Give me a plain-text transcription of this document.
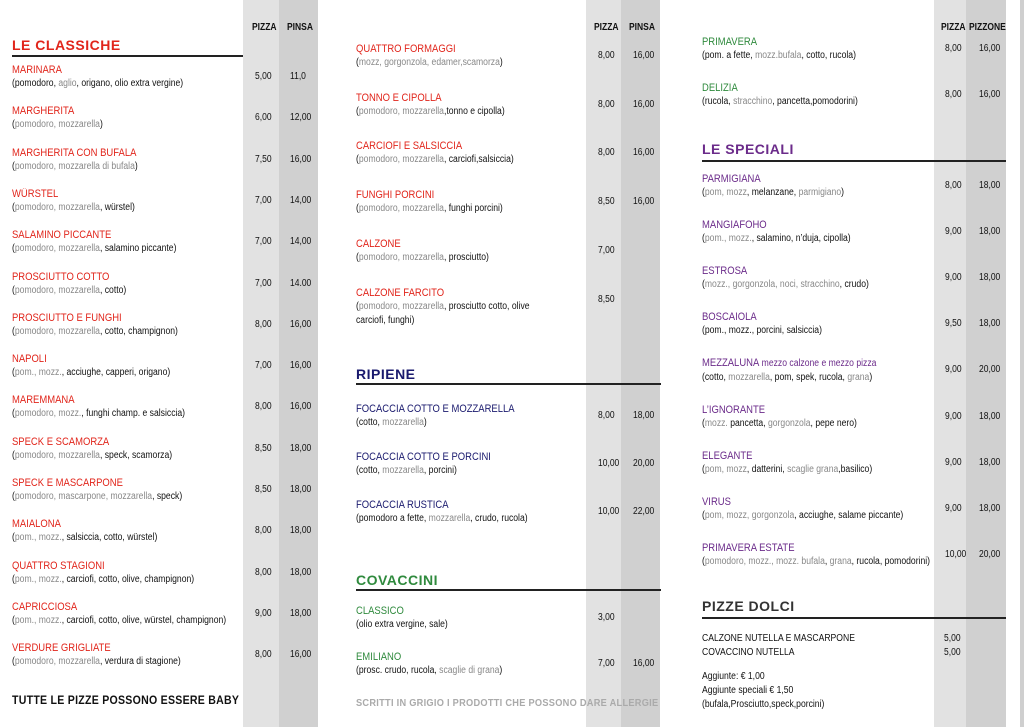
PIZZA PINSA	PIZZA PINSA	PIZZA PIZZONE
LE CLASSICHE
RIPIENE
COVACCINI
LE SPECIALI
PIZZE DOLCI
MARINARA
(pomodoro, aglio, origano, olio extra vergine)
5,00 11,0
MARGHERITA
(pomodoro, mozzarella)
6,00 12,00
MARGHERITA CON BUFALA
(pomodoro, mozzarella di bufala)
7,50 16,00
WÜRSTEL
(pomodoro, mozzarella, würstel)
7,00 14,00
SALAMINO PICCANTE
(pomodoro, mozzarella, salamino piccante)
7,00 14,00
PROSCIUTTO COTTO
(pomodoro, mozzarella, cotto)
7,00 14.00
PROSCIUTTO E FUNGHI
(pomodoro, mozzarella, cotto, champignon)
8,00 16,00
NAPOLI
(pom., mozz., acciughe, capperi, origano)
7,00 16,00
MAREMMANA
(pomodoro, mozz., funghi champ. e salsiccia)
8,00 16,00
SPECK E SCAMORZA
(pomodoro, mozzarella, speck, scamorza)
8,50 18,00
SPECK E MASCARPONE
(pomodoro, mascarpone, mozzarella, speck)
8,50 18,00
MAIALONA
(pom., mozz., salsiccia, cotto, würstel)
8,00 18,00
QUATTRO STAGIONI
(pom., mozz., carciofi, cotto, olive, champignon)
8,00 18,00
CAPRICCIOSA
(pom., mozz., carciofi, cotto, olive, würstel, champignon)
9,00 18,00
VERDURE GRIGLIATE
(pomodoro, mozzarella, verdura di stagione)
8,00 16,00
QUATTRO FORMAGGI
(mozz, gorgonzola, edamer,scamorza)
8,00 16,00
TONNO E CIPOLLA
(pomodoro, mozzarella,tonno e cipolla)
8,00 16,00
CARCIOFI E SALSICCIA
(pomodoro, mozzarella, carciofi,salsiccia)
8,00 16,00
FUNGHI PORCINI
(pomodoro, mozzarella, funghi porcini)
8,50 16,00
CALZONE
(pomodoro, mozzarella, prosciutto)
7,00
CALZONE FARCITO
(pomodoro, mozzarella, prosciutto cotto, olive
carciofi, funghi)
8,50
FOCACCIA COTTO E MOZZARELLA
(cotto, mozzarella)
8,00 18,00
FOCACCIA COTTO E PORCINI
(cotto, mozzarella, porcini)
10,00 20,00
FOCACCIA RUSTICA
(pomodoro a fette, mozzarella, crudo, rucola)
10,00 22,00
CLASSICO
(olio extra vergine, sale)
3,00
EMILIANO
(prosc. crudo, rucola, scaglie di grana)
7,00 16,00
PRIMAVERA
(pom. a fette, mozz.bufala, cotto, rucola)
8,00 16,00
DELIZIA
(rucola, stracchino, pancetta,pomodorini)
8,00 16,00
PARMIGIANA
(pom, mozz, melanzane, parmigiano)
8,00 18,00
MANGIAFOHO
(pom., mozz., salamino, n’duja, cipolla)
9,00 18,00
ESTROSA
(mozz., gorgonzola, noci, stracchino, crudo)
9,00 18,00
BOSCAIOLA
(pom., mozz., porcini, salsiccia)
9,50 18,00
MEZZALUNA mezzo calzone e mezzo pizza
(cotto, mozzarella, pom, spek, rucola, grana)
9,00 20,00
L’IGNORANTE
(mozz. pancetta, gorgonzola, pepe nero)
9,00 18,00
ELEGANTE
(pom, mozz, datterini, scaglie grana,basilico)
9,00 18,00
VIRUS
(pom, mozz, gorgonzola, acciughe, salame piccante)
9,00 18,00
PRIMAVERA ESTATE
(pomodoro, mozz., mozz. bufala, grana, rucola, pomodorini)
10,00 20,00
TUTTE LE PIZZE POSSONO ESSERE BABY	SCRITTI IN GRIGIO I PRODOTTI CHE POSSONO DARE ALLERGIE
CALZONE NUTELLA E MASCARPONE	5,00
COVACCINO NUTELLA	5,00
Aggiunte: € 1,00
Aggiunte speciali € 1,50
(bufala,Prosciutto,speck,porcini)
